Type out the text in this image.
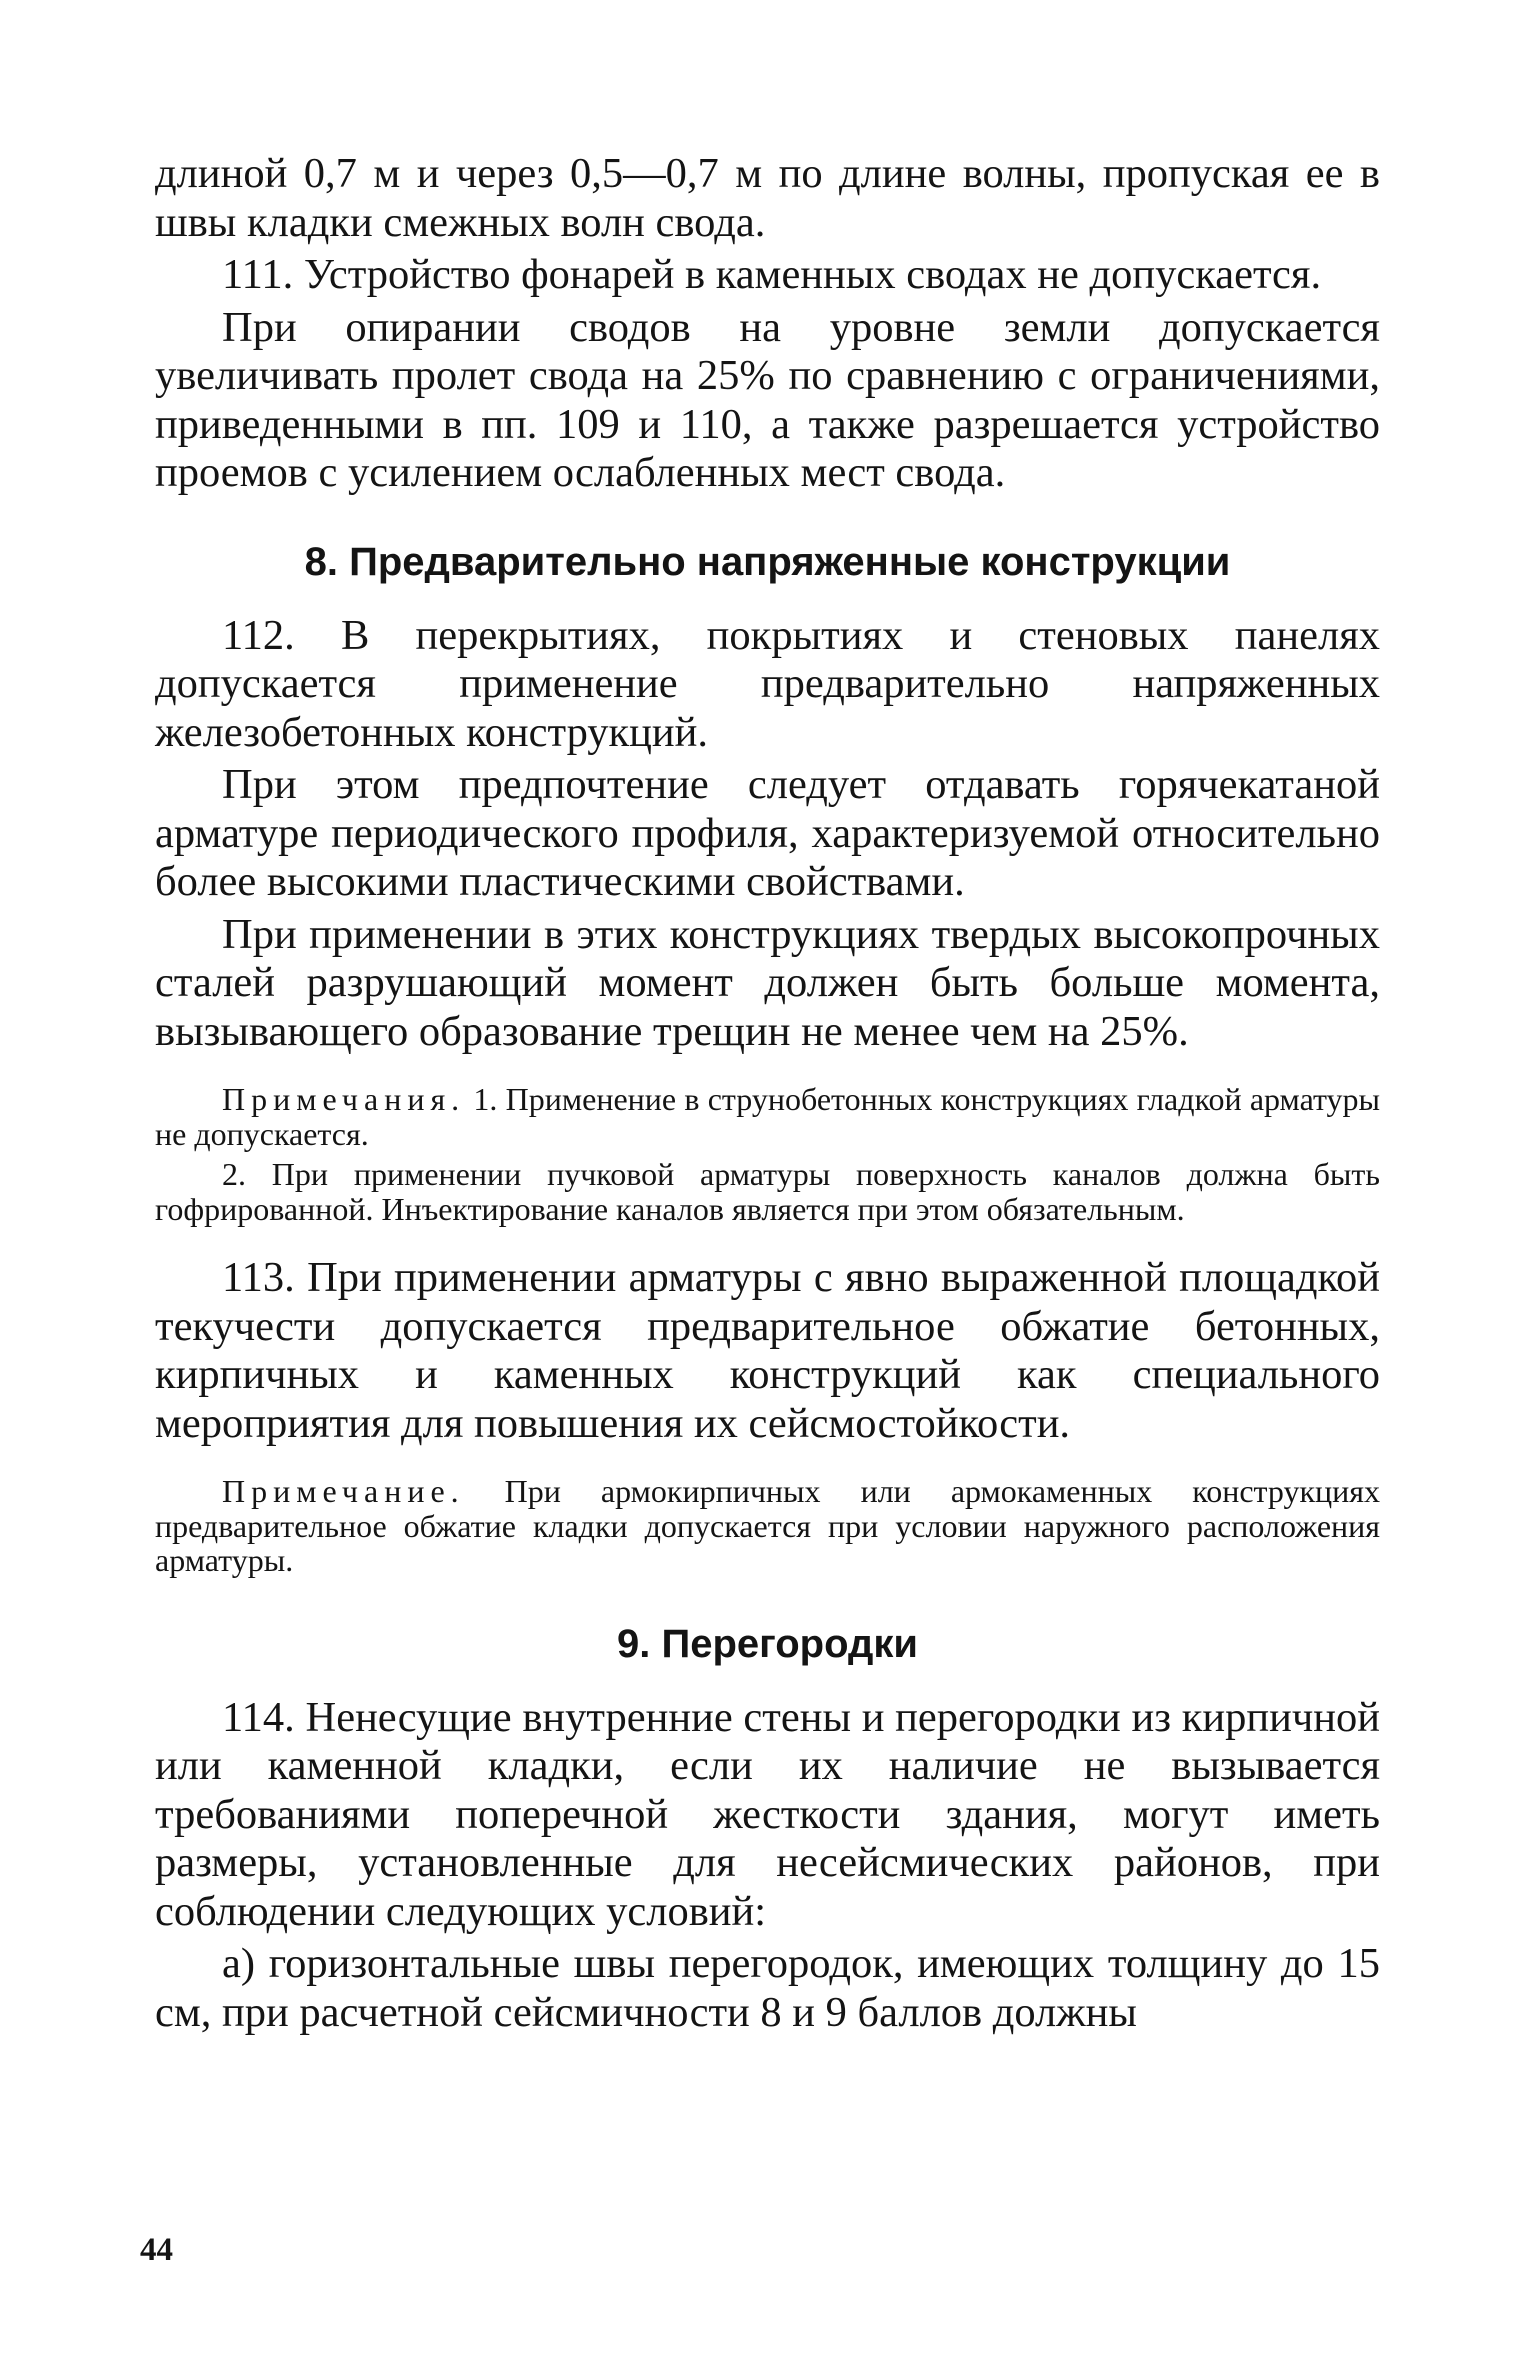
длиной 0,7 м и через 0,5—0,7 м по длине волны, пропуская ее в швы кладки смежных волн свода.

111. Устройство фонарей в каменных сводах не допускается.

При опирании сводов на уровне земли допускается увеличивать пролет свода на 25% по сравнению с ограничениями, приведенными в пп. 109 и 110, а также разрешается устройство проемов с усилением ослабленных мест свода.

8. Предварительно напряженные конструкции

112. В перекрытиях, покрытиях и стеновых панелях допускается применение предварительно напряженных железобетонных конструкций.

При этом предпочтение следует отдавать горячекатаной арматуре периодического профиля, характеризуемой относительно более высокими пластическими свойствами.

При применении в этих конструкциях твердых высокопрочных сталей разрушающий момент должен быть больше момента, вызывающего образование трещин не менее чем на 25%.

Примечания. 1. Применение в струнобетонных конструкциях гладкой арматуры не допускается.

2. При применении пучковой арматуры поверхность каналов должна быть гофрированной. Инъектирование каналов является при этом обязательным.

113. При применении арматуры с явно выраженной площадкой текучести допускается предварительное обжатие бетонных, кирпичных и каменных конструкций как специального мероприятия для повышения их сейсмостойкости.

Примечание. При армокирпичных или армокаменных конструкциях предварительное обжатие кладки допускается при условии наружного расположения арматуры.

9. Перегородки

114. Ненесущие внутренние стены и перегородки из кирпичной или каменной кладки, если их наличие не вызывается требованиями поперечной жесткости здания, могут иметь размеры, установленные для несейсмических районов, при соблюдении следующих условий:

а) горизонтальные швы перегородок, имеющих толщину до 15 см, при расчетной сейсмичности 8 и 9 баллов должны

44
